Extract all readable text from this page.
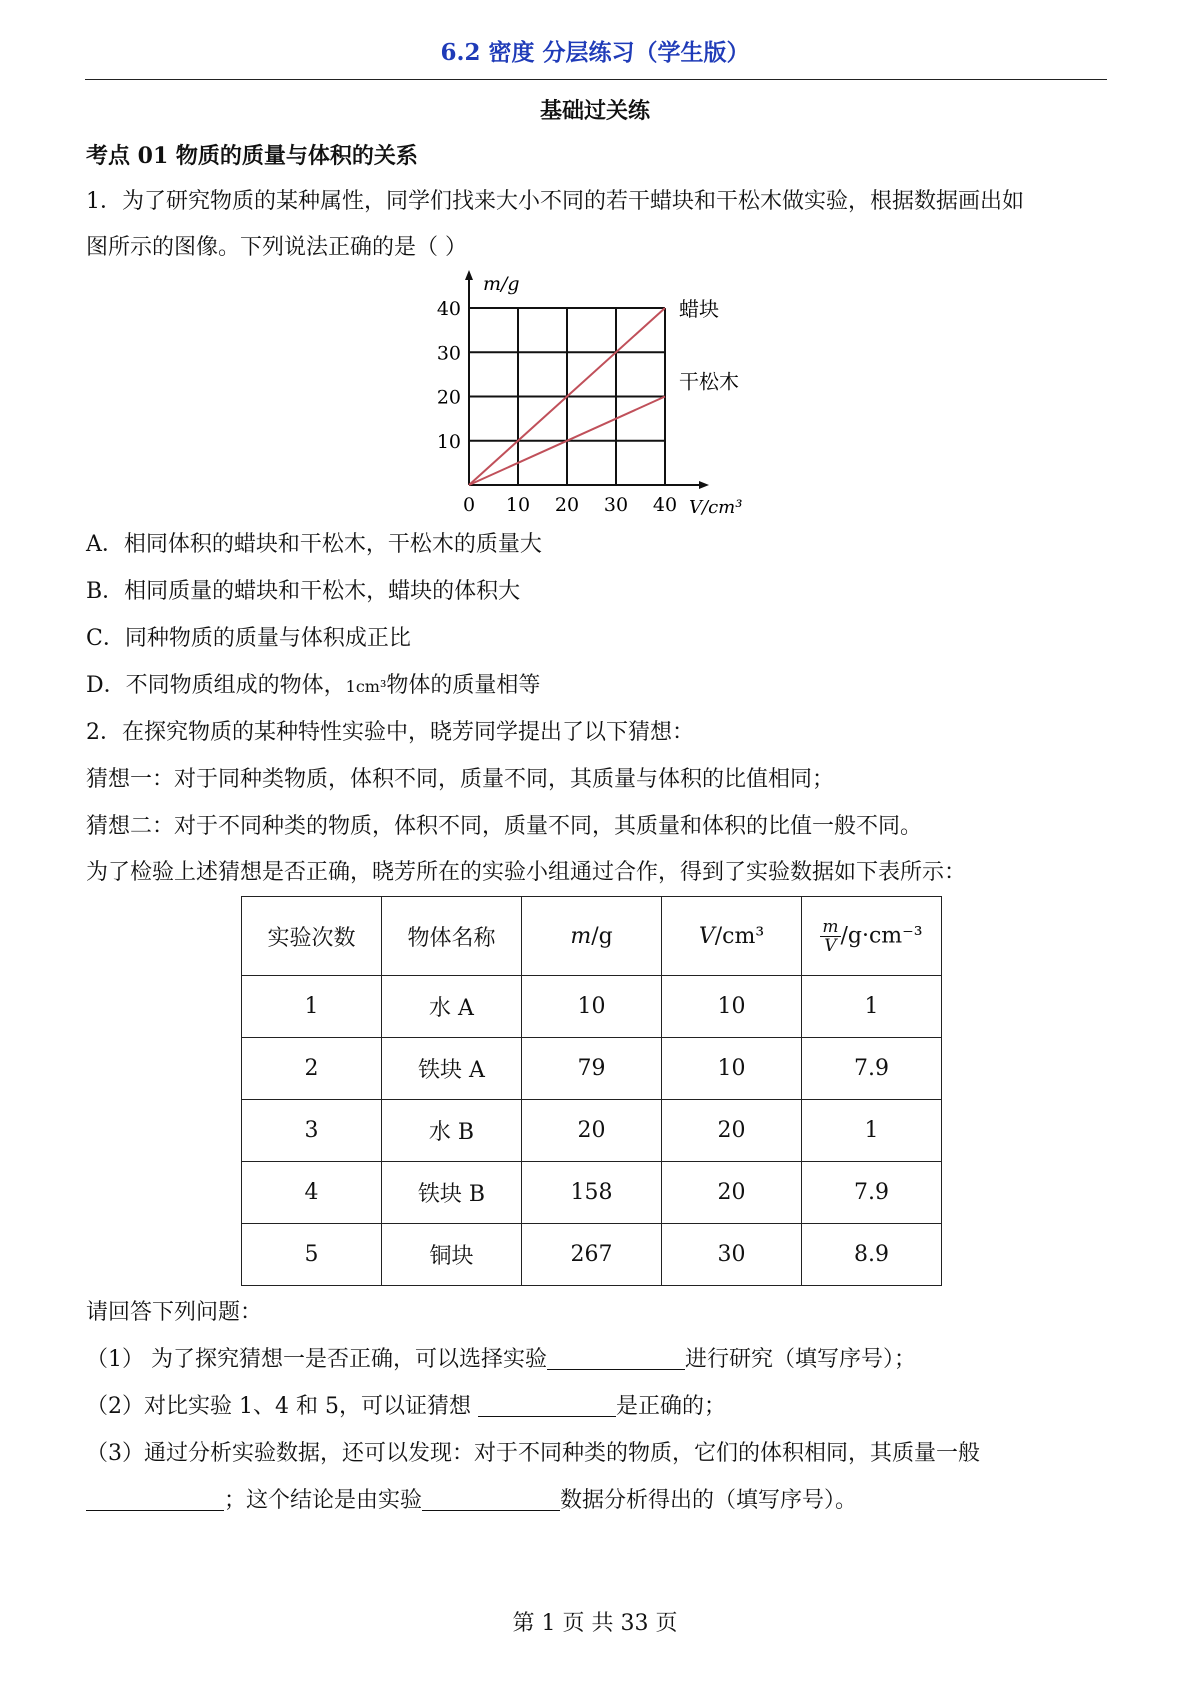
6.2 密度 分层练习（学生版）
基础过关练
考点 01 物质的质量与体积的关系
1．为了研究物质的某种属性，同学们找来大小不同的若干蜡块和干松木做实验，根据数据画出如
图所示的图像。下列说法正确的是（ ）
10
20
30
40
10 20 30 40
0
m/g
V/cm³
蜡块
干松木
A．相同体积的蜡块和干松木，干松木的质量大
B．相同质量的蜡块和干松木，蜡块的体积大
C．同种物质的质量与体积成正比
D．不同物质组成的物体，1cm³物体的质量相等
2．在探究物质的某种特性实验中，晓芳同学提出了以下猜想：
猜想一：对于同种类物质，体积不同，质量不同，其质量与体积的比值相同；
猜想二：对于不同种类的物质，体积不同，质量不同，其质量和体积的比值一般不同。
为了检验上述猜想是否正确，晓芳所在的实验小组通过合作，得到了实验数据如下表所示：
实验次数	物体名称	m/g	V/cm³	$\frac{m}{V} /g\cdot cm^{-3}$
1	水 A	10	10	1
2	铁块 A	79	10	7.9
3	水 B	20	20	1
4	铁块 B	158	20	7.9
5	铜块	267	30	8.9
请回答下列问题：
（1） 为了探究猜想一是否正确，可以选择实验	进行研究（填写序号）；
（2）对比实验 1、4 和 5，可以证猜想	是正确的；
（3）通过分析实验数据，还可以发现：对于不同种类的物质，它们的体积相同，其质量一般
；这个结论是由实验	数据分析得出的（填写序号）。
第 1 页 共 33 页
